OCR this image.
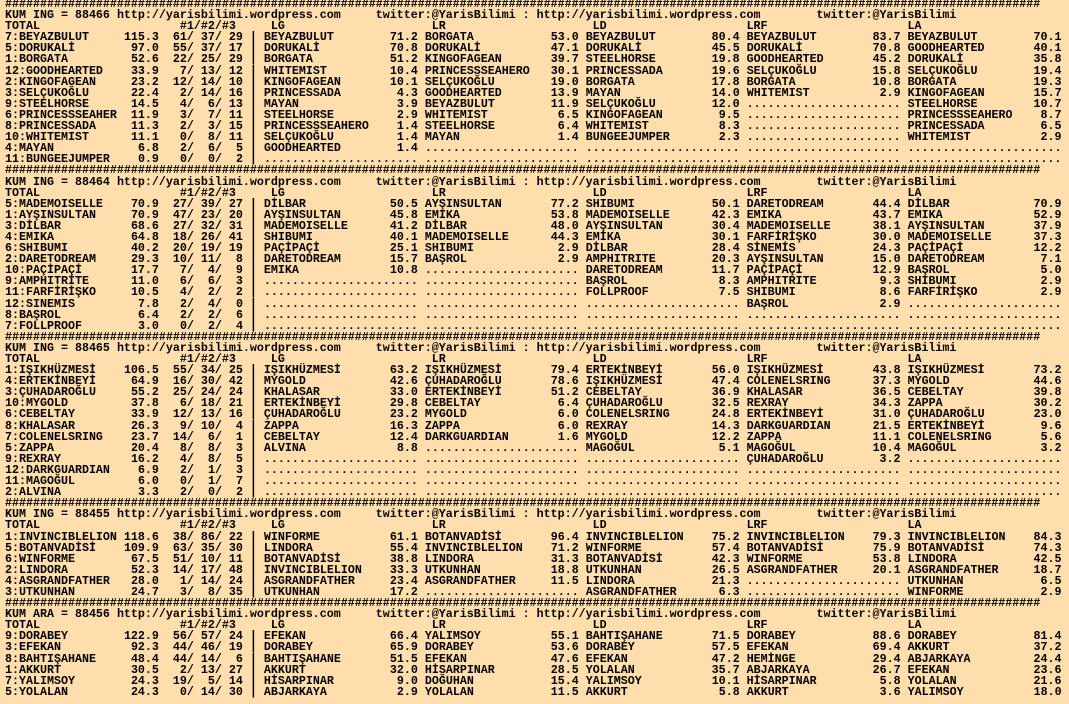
####################################################################################################################################################
KUM ING = 88466 http://yarisbilimi.wordpress.com	twitter:@YarisBilimi : http://yarisbilimi.wordpress.com	twitter:@YarisBilimi
TOTAL	#1/#2/#3	LG	LR	LD	LRF	LA
7:BEYAZBULUT	115.3 61/ 37/ 29 | BEYAZBULUT	71.2 BORGATA	53.0 BEYAZBULUT	80.4 BEYAZBULUT	83.7 BEYAZBULUT	70.1
5:DORUKALİ	97.0 55/ 37/ 17 | DORUKALİ	70.8 DORUKALİ	47.1 DORUKALİ	45.5 DORUKALİ	70.8 GOODHEARTED	40.1
1:BORGATA	52.6 22/ 25/ 29 | BORGATA	51.2 KINGOFAGEAN	39.7 STEELHORSE	19.8 GOODHEARTED	45.2 DORUKALİ	35.8
12:GOODHEARTED 33.9 7/ 13/ 12 | WHITEMIST	10.4 PRINCESSSEAHERO 30.1 PRINCESSADA	19.6 SELÇUKOĞLU	15.8 SELÇUKOĞLU	19.4
2:KINGOFAGEAN	23.2 12/ 14/ 10 | KINGOFAGEAN	10.1 SELÇUKOĞLU	19.0 BORGATA	17.8 BORGATA	10.8 BORGATA	19.3
3:SELÇUKOĞLU	22.4 2/ 14/ 16 | PRINCESSADA	4.3 GOODHEARTED	13.9 MAYAN	14.0 WHITEMIST	2.9 KINGOFAGEAN	15.7
9:STEELHORSE	14.5 4/ 6/ 13 | MAYAN	3.9 BEYAZBULUT	11.9 SELÇUKOĞLU	12.0 ...................... STEELHORSE	10.7
6:PRINCESSSEAHER 11.9 3/ 7/ 11 | STEELHORSE	2.9 WHITEMIST	6.5 KINGOFAGEAN	9.5 ...................... PRINCESSSEAHERO 8.7
8:PRINCESSADA	11.3 2/ 3/ 15 | PRINCESSSEAHERO 1.4 STEELHORSE	6.4 WHITEMIST	8.3 ...................... PRINCESSADA	6.5
10:WHITEMIST	11.1 0/ 8/ 11 | SELÇUKOĞLU	1.4 MAYAN	1.4 BUNGEEJUMPER	2.3 ...................... WHITEMIST	2.9
4:MAYAN	6.8 2/ 6/ 5 | GOODHEARTED	1.4 ...................... ...................... ...................... ......................
11:BUNGEEJUMPER 0.9 0/ 0/ 2 | ...................... ...................... ...................... ...................... ......................
####################################################################################################################################################
KUM ING = 88464 http://yarisbilimi.wordpress.com	twitter:@YarisBilimi : http://yarisbilimi.wordpress.com	twitter:@YarisBilimi
TOTAL	#1/#2/#3	LG	LR	LD	LRF	LA
5:MADEMOISELLE 70.9 27/ 39/ 27 | DİLBAR	50.5 AYŞINSULTAN	77.2 SHIBUMI	50.1 DARETODREAM	44.4 DİLBAR	70.9
1:AYŞINSULTAN	70.9 47/ 23/ 20 | AYŞINSULTAN	45.8 EMIKA	53.8 MADEMOISELLE	42.3 EMIKA	43.7 EMIKA	52.9
3:DİLBAR	68.6 27/ 32/ 31 | MADEMOISELLE	41.2 DİLBAR	48.0 AYŞINSULTAN	30.4 MADEMOISELLE	38.1 AYŞINSULTAN	37.9
4:EMIKA	64.8 18/ 26/ 41 | SHIBUMI	40.1 MADEMOISELLE	44.3 EMİKA	30.1 FARFİRİŞKO	30.0 MADEMOISELLE	37.3
6:SHIBUMI	40.2 20/ 19/ 19 | PAÇİPAÇİ	25.1 SHIBUMI	2.9 DİLBAR	28.4 SİNEMİS	24.3 PAÇİPAÇİ	12.2
2:DARETODREAM	29.3 10/ 11/ 8 | DARETODREAM	15.7 BAŞROL	2.9 AMPHITRITE	20.3 AYŞINSULTAN	15.0 DARETODREAM	7.1
10:PAÇİPAÇİ	17.7 7/ 4/ 9 | EMIKA	10.8 ...................... DARETODREAM	11.7 PAÇİPAÇİ	12.9 BAŞROL	5.0
9:AMPHITRİTE	11.0 6/ 6/ 3 | ...................... ...................... BAŞROL	8.3 AMPHITRITE	9.3 SHIBUMI	2.9
11:FARFİRİŞKO	10.5 4/ 2/ 2 | ...................... ...................... FOLLPROOF	7.5 SHIBUMI	8.6 FARFİRİŞKO	2.9
12:SINEMIS	7.8 2/ 4/ 0 | ...................... ...................... ...................... BAŞROL	2.9 ......................
8:BAŞROL	6.4 2/ 2/ 6 | ...................... ...................... ...................... ...................... ......................
7:FOLLPROOF	3.0 0/ 2/ 4 | ...................... ...................... ...................... ...................... ......................
####################################################################################################################################################
KUM ING = 88465 http://yarisbilimi.wordpress.com	twitter:@YarisBilimi : http://yarisbilimi.wordpress.com	twitter:@YarisBilimi
TOTAL	#1/#2/#3	LG	LR	LD	LRF	LA
1:IŞIKHÜZMESİ 106.5 55/ 34/ 25 | IŞIKHÜZMESİ	63.2 IŞIKHÜZMESİ	79.4 ERTEKİNBEYİ	56.0 IŞIKHÜZMESİ	43.8 IŞIKHÜZMESİ	73.2
4:ERTEKİNBEYİ	64.9 16/ 30/ 42 | MYGOLD	42.6 ÇUHADAROĞLU	78.6 IŞIKHÜZMESİ	47.4 COLENELSRING	37.3 MYGOLD	44.6
3:ÇUHADAROĞLU	55.2 25/ 24/ 24 | KHALASAR	33.0 ERTEKİNBEYİ	51.2 CEBELTAY	36.9 KHALASAR	36.5 CEBELTAY	39.8
10:MYGOLD	37.8 6/ 18/ 21 | ERTEKİNBEYİ	29.8 CEBELTAY	6.4 ÇUHADAROĞLU	32.5 REXRAY	34.3 ZAPPA	30.2
6:CEBELTAY	33.9 12/ 13/ 16 | ÇUHADAROĞLU	23.2 MYGOLD	6.0 COLENELSRING	24.8 ERTEKİNBEYİ	31.0 ÇUHADAROĞLU	23.0
8:KHALASAR	26.3 9/ 10/ 4 | ZAPPA	16.3 ZAPPA	6.0 REXRAY	14.3 DARKGUARDIAN	21.5 ERTEKİNBEYİ	9.6
7:COLENELSRING 23.7 14/ 6/ 1 | CEBELTAY	12.4 DARKGUARDIAN	1.6 MYGOLD	12.2 ZAPPA	11.1 COLENELSRING	5.6
5:ZAPPA	20.4 8/ 8/ 3 | ALVINA	8.8 ...................... MAGOĞUL	5.1 MAGOĞUL	10.4 MAGOĞUL	3.2
9:REXRAY	16.2 4/ 8/ 5 | ...................... ...................... ...................... ÇUHADAROĞLU	3.2 ......................
12:DARKGUARDIAN 6.9 2/ 1/ 3 | ...................... ...................... ...................... ...................... ......................
11:MAGOĞUL	6.0 0/ 1/ 7 | ...................... ...................... ...................... ...................... ......................
2:ALVINA	3.3 2/ 0/ 2 | ...................... ...................... ...................... ...................... ......................
####################################################################################################################################################
KUM ING = 88455 http://yarisbilimi.wordpress.com	twitter:@YarisBilimi : http://yarisbilimi.wordpress.com	twitter:@YarisBilimi
TOTAL	#1/#2/#3	LG	LR	LD	LRF	LA
1:INVINCIBLELION 118.6 38/ 86/ 22 | WINFORME	61.1 BOTANVADİSİ	96.4 INVINCIBLELION 75.2 INVINCIBLELION 79.3 INVINCIBLELION 84.3
5:BOTANVADİSİ 109.9 63/ 35/ 30 | LINDORA	55.4 INVINCIBLELION 71.2 WINFORME	57.4 BOTANVADİSİ	75.9 BOTANVADİSİ	74.3
6:WINFORME	67.5 51/ 10/ 11 | BOTANVADİSİ	38.8 LINDORA	31.3 BOTANVADİSİ	42.3 WINFORME	53.8 LINDORA	42.5
2:LINDORA	52.3 14/ 17/ 48 | INVINCIBLELION 33.3 UTKUNHAN	18.8 UTKUNHAN	26.5 ASGRANDFATHER	20.1 ASGRANDFATHER	18.7
4:ASGRANDFATHER 28.0 1/ 14/ 24 | ASGRANDFATHER	23.4 ASGRANDFATHER	11.5 LINDORA	21.3 ...................... UTKUNHAN	6.5
3:UTKUNHAN	24.7 3/ 8/ 35 | UTKUNHAN	17.2 ...................... ASGRANDFATHER	6.3 ...................... WINFORME	2.9
####################################################################################################################################################
KUM ARA = 88456 http://yarisbilimi.wordpress.com	twitter:@YarisBilimi : http://yarisbilimi.wordpress.com	twitter:@YarisBilimi
TOTAL	#1/#2/#3	LG	LR	LD	LRF	LA
9:DORABEY	122.9 56/ 57/ 24 | EFEKAN	66.4 YALIMSOY	55.1 BAHTIŞAHANE	71.5 DORABEY	88.6 DORABEY	81.4
3:EFEKAN	92.3 44/ 46/ 19 | DORABEY	65.9 DORABEY	53.6 DORABEY	57.5 EFEKAN	69.4 AKKURT	37.2
8:BAHTIŞAHANE	48.4 44/ 14/ 6 | BAHTIŞAHANE	51.5 EFEKAN	47.6 EFEKAN	47.2 HEMİNGE	29.4 ABJARKAYA	24.4
1:AKKURT	30.5 2/ 13/ 27 | AKKURT	32.0 HİSARPINAR	28.5 YOLALAN	35.7 ABJARKAYA	26.7 EFEKAN	23.6
7:YALIMSOY	24.3 19/ 5/ 14 | HİSARPINAR	9.0 DOĞUHAN	15.4 YALIMSOY	10.1 HİSARPINAR	5.8 YOLALAN	21.6
5:YOLALAN	24.3 0/ 14/ 30 | ABJARKAYA	2.9 YOLALAN	11.5 AKKURT	5.8 AKKURT	3.6 YALIMSOY	18.0
